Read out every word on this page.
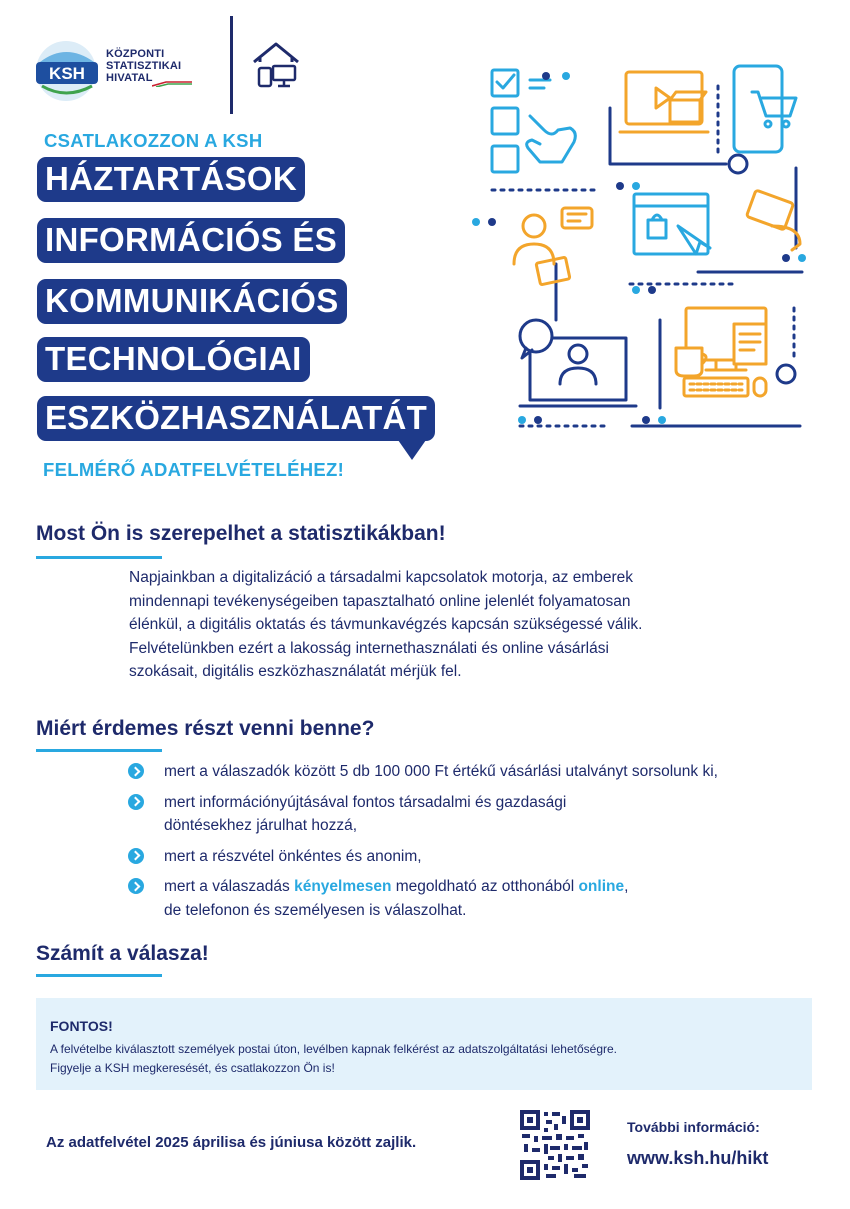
KSH
KÖZPONTI
STATISZTIKAI
HIVATAL
CSATLAKOZZON A KSH
HÁZTARTÁSOK
INFORMÁCIÓS ÉS
KOMMUNIKÁCIÓS
TECHNOLÓGIAI
ESZKÖZHASZNÁLATÁT
FELMÉRŐ ADATFELVÉTELÉHEZ!
Most Ön is szerepelhet a statisztikákban!
Napjainkban a digitalizáció a társadalmi kapcsolatok motorja, az emberek
mindennapi tevékenységeiben tapasztalható online jelenlét folyamatosan
élénkül, a digitális oktatás és távmunkavégzés kapcsán szükségessé válik.
Felvételünkben ezért a lakosság internethasználati és online vásárlási
szokásait, digitális eszközhasználatát mérjük fel.
Miért érdemes részt venni benne?
mert a válaszadók között 5 db 100 000 Ft értékű vásárlási utalványt sorsolunk ki,
mert információnyújtásával fontos társadalmi és gazdasági
döntésekhez járulhat hozzá,
mert a részvétel önkéntes és anonim,
mert a válaszadás kényelmesen megoldható az otthonából online,
de telefonon és személyesen is válaszolhat.
Számít a válasza!
FONTOS!
A felvételbe kiválasztott személyek postai úton, levélben kapnak felkérést az adatszolgáltatási lehetőségre.
Figyelje a KSH megkeresését, és csatlakozzon Ön is!
Az adatfelvétel 2025 áprilisa és júniusa között zajlik.
További információ:
www.ksh.hu/hikt
